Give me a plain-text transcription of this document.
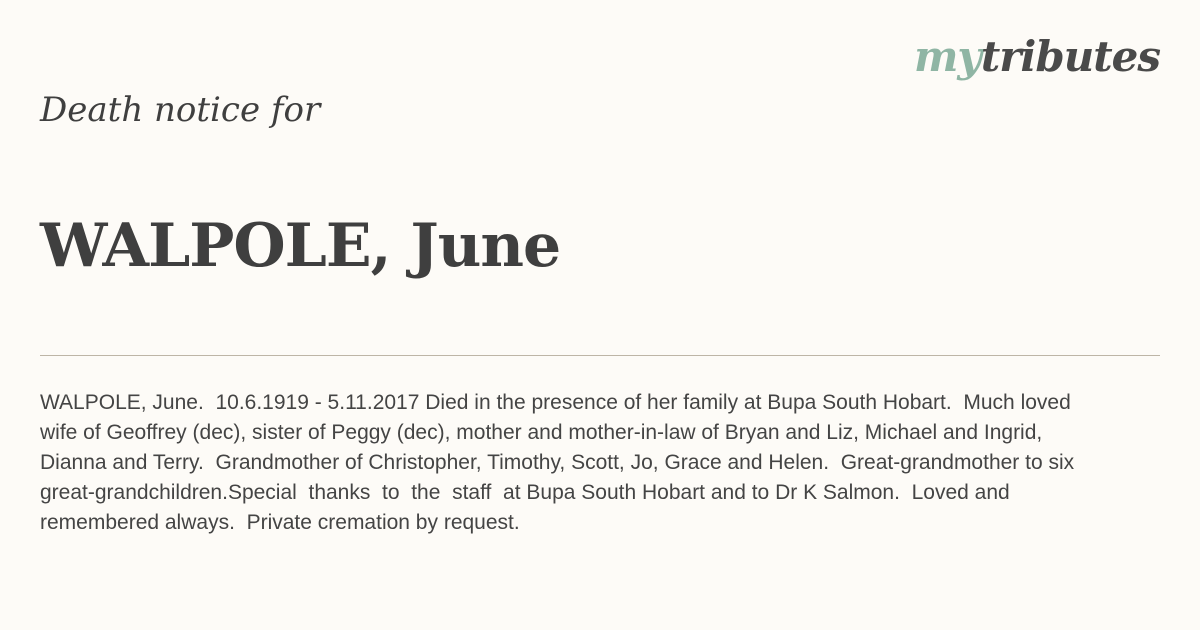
mytributes
Death notice for
WALPOLE, June
WALPOLE, June.  10.6.1919 - 5.11.2017 Died in the presence of her family at Bupa South Hobart.  Much loved
wife of Geoffrey (dec), sister of Peggy (dec), mother and mother-in-law of Bryan and Liz, Michael and Ingrid,
Dianna and Terry.  Grandmother of Christopher, Timothy, Scott, Jo, Grace and Helen.  Great-grandmother to six
great-grandchildren.Special  thanks  to  the  staff  at Bupa South Hobart and to Dr K Salmon.  Loved and
remembered always.  Private cremation by request.
